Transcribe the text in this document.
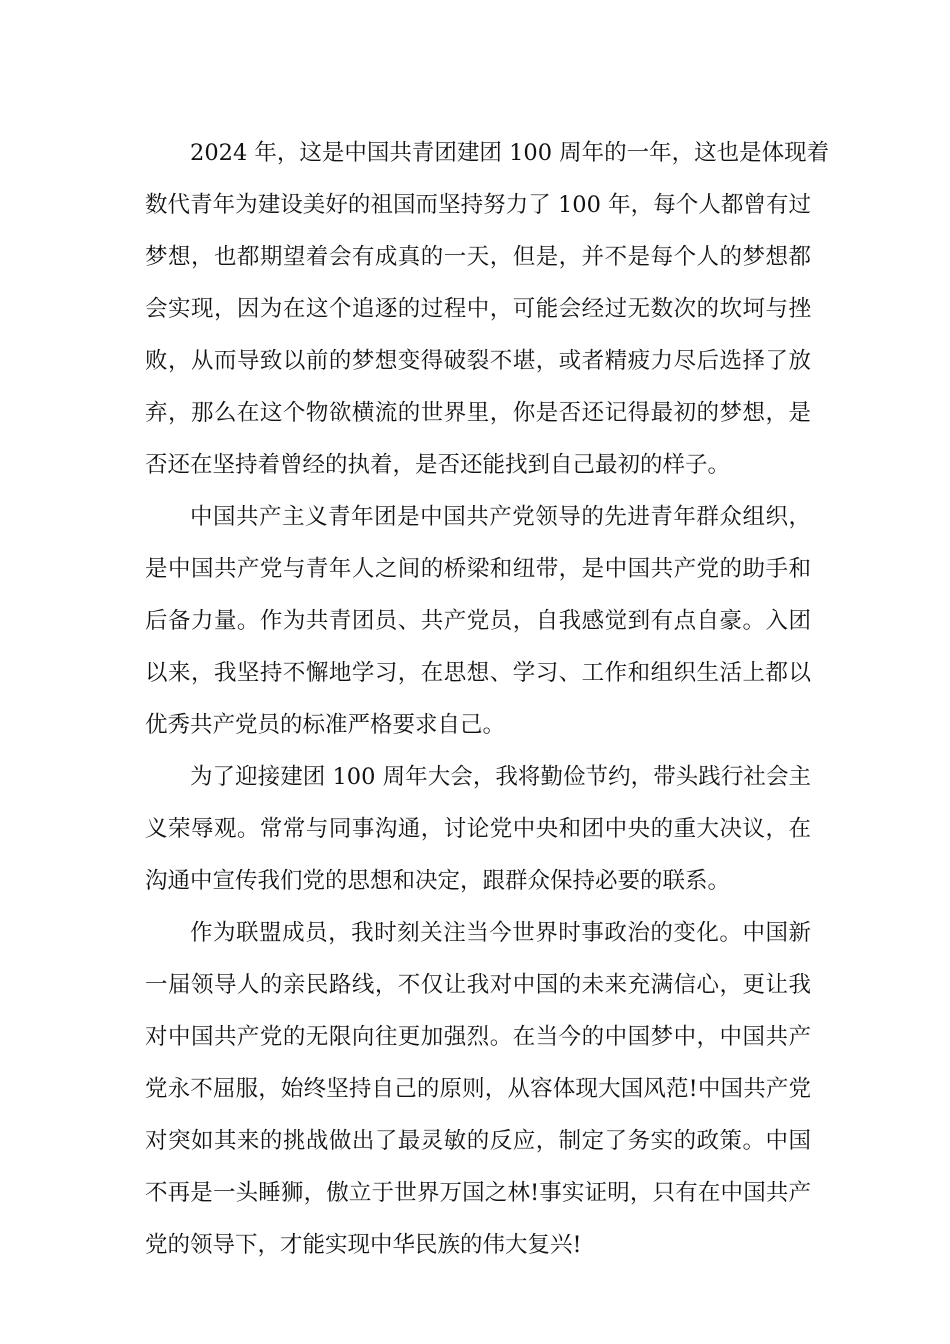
2024 年，这是中国共青团建团 100 周年的一年，这也是体现着
数代青年为建设美好的祖国而坚持努力了 100 年，每个人都曾有过
梦想，也都期望着会有成真的一天，但是，并不是每个人的梦想都
会实现，因为在这个追逐的过程中，可能会经过无数次的坎坷与挫
败，从而导致以前的梦想变得破裂不堪，或者精疲力尽后选择了放
弃，那么在这个物欲横流的世界里，你是否还记得最初的梦想，是
否还在坚持着曾经的执着，是否还能找到自己最初的样子。
中国共产主义青年团是中国共产党领导的先进青年群众组织，
是中国共产党与青年人之间的桥梁和纽带，是中国共产党的助手和
后备力量。作为共青团员、共产党员，自我感觉到有点自豪。入团
以来，我坚持不懈地学习，在思想、学习、工作和组织生活上都以
优秀共产党员的标准严格要求自己。
为了迎接建团 100 周年大会，我将勤俭节约，带头践行社会主
义荣辱观。常常与同事沟通，讨论党中央和团中央的重大决议，在
沟通中宣传我们党的思想和决定，跟群众保持必要的联系。
作为联盟成员，我时刻关注当今世界时事政治的变化。中国新
一届领导人的亲民路线，不仅让我对中国的未来充满信心，更让我
对中国共产党的无限向往更加强烈。在当今的中国梦中，中国共产
党永不屈服，始终坚持自己的原则，从容体现大国风范!中国共产党
对突如其来的挑战做出了最灵敏的反应，制定了务实的政策。中国
不再是一头睡狮，傲立于世界万国之林!事实证明，只有在中国共产
党的领导下，才能实现中华民族的伟大复兴!
